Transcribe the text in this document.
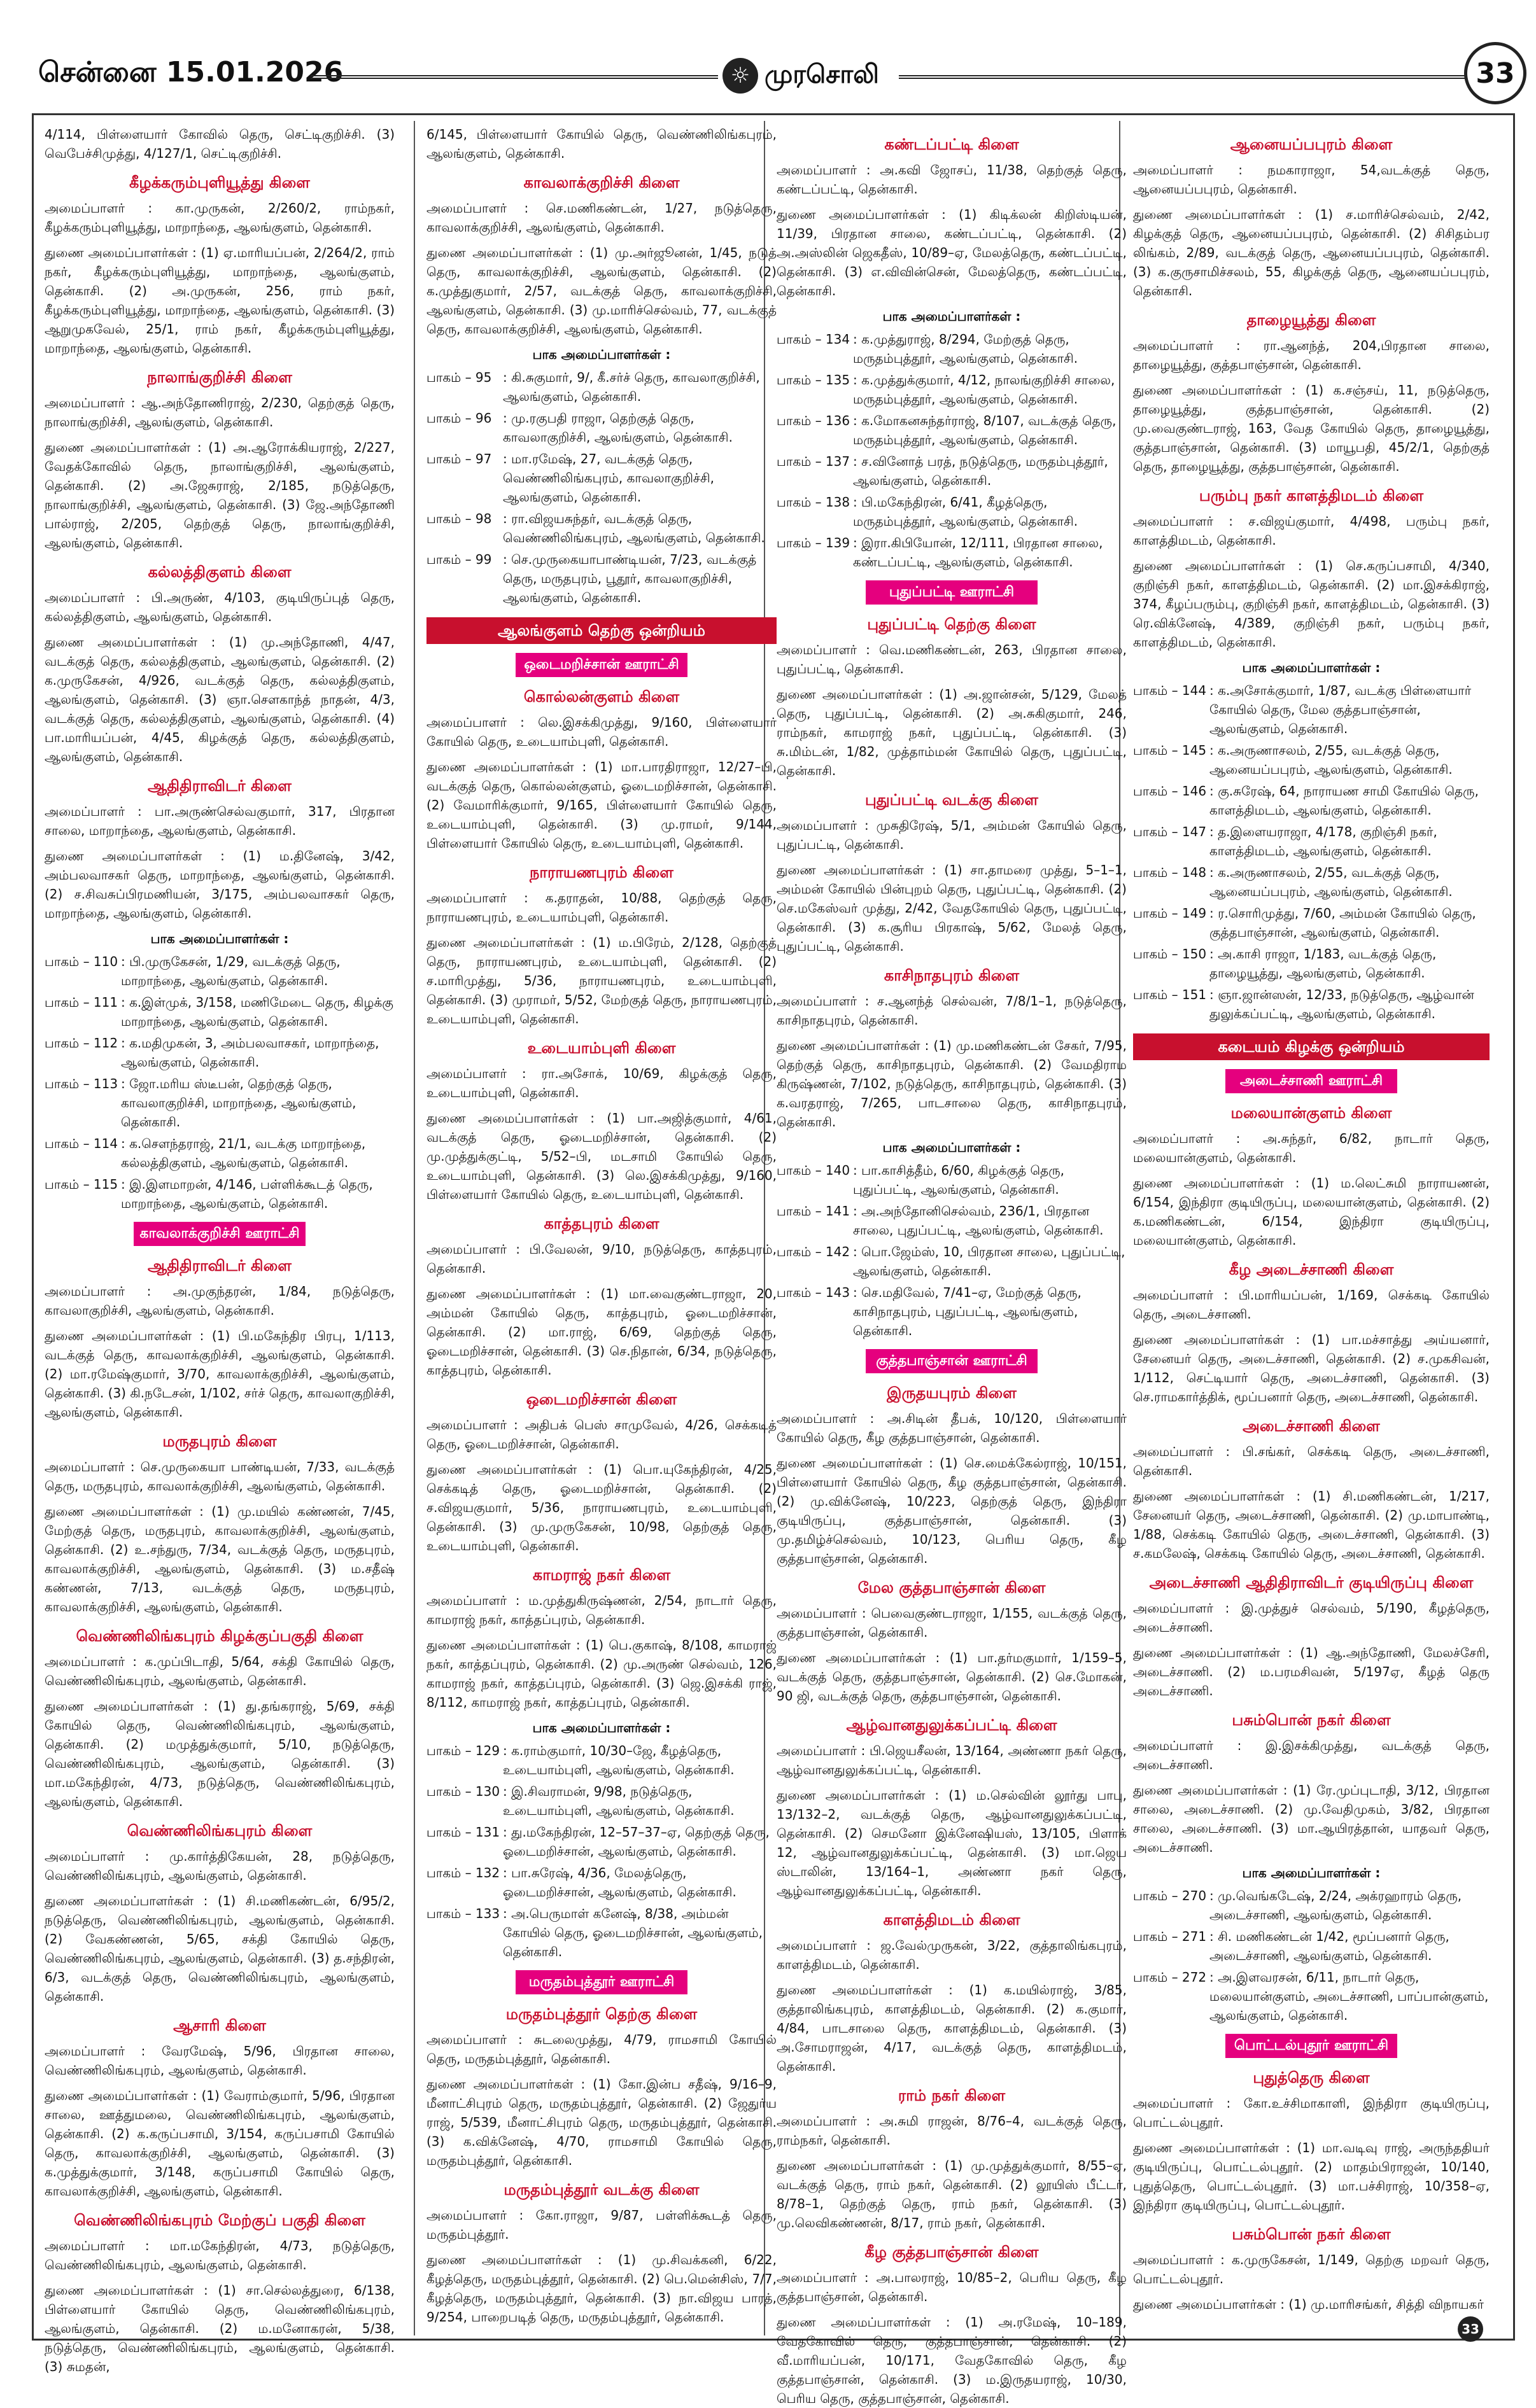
சென்னை 15.01.2026	☼ முரசொலி	33
4/114, பிள்ளையார் கோவில் தெரு, செட்டிகுறிச்சி. (3) வெபேச்சிமுத்து, 4/127/1, செட்டிகுறிச்சி.
கீழக்கரும்புளியூத்து கிளை
அமைப்பாளர் : கா.முருகன், 2/260/2, ராம்நகர், கீழக்கரும்புளியூத்து, மாறாந்தை, ஆலங்குளம், தென்காசி.
துணை அமைப்பாளர்கள் : (1) ஏ.மாரியப்பன், 2/264/2, ராம் நகர், கீழக்கரும்புளியூத்து, மாறாந்தை, ஆலங்குளம், தென்காசி. (2) அ.முருகன், 256, ராம் நகர், கீழக்கரும்புளியூத்து, மாறாந்தை, ஆலங்குளம், தென்காசி. (3) ஆறுமுகவேல், 25/1, ராம் நகர், கீழக்கரும்புளியூத்து, மாறாந்தை, ஆலங்குளம், தென்காசி.
நாலாங்குறிச்சி கிளை
அமைப்பாளர் : ஆ.அந்தோணிராஜ், 2/230, தெற்குத் தெரு, நாலாங்குறிச்சி, ஆலங்குளம், தென்காசி.
துணை அமைப்பாளர்கள் : (1) அ.ஆரோக்கியராஜ், 2/227, வேதக்கோவில் தெரு, நாலாங்குறிச்சி, ஆலங்குளம், தென்காசி. (2) அ.ஜேசுராஜ், 2/185, நடுத்தெரு, நாலாங்குறிச்சி, ஆலங்குளம், தென்காசி. (3) ஜே.அந்தோணி பால்ராஜ், 2/205, தெற்குத் தெரு, நாலாங்குறிச்சி, ஆலங்குளம், தென்காசி.
கல்லத்திகுளம் கிளை
அமைப்பாளர் : பி.அருண், 4/103, குடியிருப்புத் தெரு, கல்லத்திகுளம், ஆலங்குளம், தென்காசி.
துணை அமைப்பாளர்கள் : (1) மு.அந்தோணி, 4/47, வடக்குத் தெரு, கல்லத்திகுளம், ஆலங்குளம், தென்காசி. (2) க.முருகேசன், 4/926, வடக்குத் தெரு, கல்லத்திகுளம், ஆலங்குளம், தென்காசி. (3) ஞா.சௌகாந்த் நாதன், 4/3, வடக்குத் தெரு, கல்லத்திகுளம், ஆலங்குளம், தென்காசி. (4) பா.மாரியப்பன், 4/45, கிழக்குத் தெரு, கல்லத்திகுளம், ஆலங்குளம், தென்காசி.
ஆதிதிராவிடர் கிளை
அமைப்பாளர் : பா.அருண்செல்வகுமார், 317, பிரதான சாலை, மாறாந்தை, ஆலங்குளம், தென்காசி.
துணை அமைப்பாளர்கள் : (1) ம.தினேஷ், 3/42, அம்பலவாசகர் தெரு, மாறாந்தை, ஆலங்குளம், தென்காசி. (2) ச.சிவசுப்பிரமணியன், 3/175, அம்பலவாசகர் தெரு, மாறாந்தை, ஆலங்குளம், தென்காசி.
பாக அமைப்பாளர்கள் :
பாகம் – 110 : பி.முருகேசன், 1/29, வடக்குத் தெரு, மாறாந்தை, ஆலங்குளம், தென்காசி.
பாகம் – 111 : க.இள்முக், 3/158, மணிமேடை தெரு, கிழக்கு மாறாந்தை, ஆலங்குளம், தென்காசி.
பாகம் – 112 : க.மதிமுகன், 3, அம்பலவாசகர், மாறாந்தை, ஆலங்குளம், தென்காசி.
பாகம் – 113 : ஜோ.மரிய ஸ்டீபன், தெற்குத் தெரு, காவலாகுறிச்சி, மாறாந்தை, ஆலங்குளம், தென்காசி.
பாகம் – 114 : க.சௌந்தராஜ், 21/1, வடக்கு மாறாந்தை, கல்லத்திகுளம், ஆலங்குளம், தென்காசி.
பாகம் – 115 : இ.இளமாறன், 4/146, பள்ளிக்கூடத் தெரு, மாறாந்தை, ஆலங்குளம், தென்காசி.
காவலாக்குறிச்சி ஊராட்சி
ஆதிதிராவிடர் கிளை
அமைப்பாளர் : அ.முகுந்தரன், 1/84, நடுத்தெரு, காவலாகுறிச்சி, ஆலங்குளம், தென்காசி.
துணை அமைப்பாளர்கள் : (1) பி.மகேந்திர பிரபு, 1/113, வடக்குத் தெரு, காவலாக்குறிச்சி, ஆலங்குளம், தென்காசி. (2) மா.ரமேஷ்குமார், 3/70, காவலாக்குறிச்சி, ஆலங்குளம், தென்காசி. (3) கி.நடேசன், 1/102, சர்ச் தெரு, காவலாகுறிச்சி, ஆலங்குளம், தென்காசி.
மருதபுரம் கிளை
அமைப்பாளர் : செ.முருகையா பாண்டியன், 7/33, வடக்குத் தெரு, மருதபுரம், காவலாக்குறிச்சி, ஆலங்குளம், தென்காசி.
துணை அமைப்பாளர்கள் : (1) மு.மயில் கண்ணன், 7/45, மேற்குத் தெரு, மருதபுரம், காவலாக்குறிச்சி, ஆலங்குளம், தென்காசி. (2) உ.சந்துரு, 7/34, வடக்குத் தெரு, மருதபுரம், காவலாக்குறிச்சி, ஆலங்குளம், தென்காசி. (3) ம.சதீஷ் கண்ணன், 7/13, வடக்குத் தெரு, மருதபுரம், காவலாக்குறிச்சி, ஆலங்குளம், தென்காசி.
வெண்ணிலிங்கபுரம் கிழக்குப்பகுதி கிளை
அமைப்பாளர் : க.முப்பிடாதி, 5/64, சக்தி கோயில் தெரு, வெண்ணிலிங்கபுரம், ஆலங்குளம், தென்காசி.
துணை அமைப்பாளர்கள் : (1) து.தங்கராஜ், 5/69, சக்தி கோயில் தெரு, வெண்ணிலிங்கபுரம், ஆலங்குளம், தென்காசி. (2) மமுத்துக்குமார், 5/10, நடுத்தெரு, வெண்ணிலிங்கபுரம், ஆலங்குளம், தென்காசி. (3) மா.மகேந்திரன், 4/73, நடுத்தெரு, வெண்ணிலிங்கபுரம், ஆலங்குளம், தென்காசி.
வெண்ணிலிங்கபுரம் கிளை
அமைப்பாளர் : மு.கார்த்திகேயன், 28, நடுத்தெரு, வெண்ணிலிங்கபுரம், ஆலங்குளம், தென்காசி.
துணை அமைப்பாளர்கள் : (1) சி.மணிகண்டன், 6/95/2, நடுத்தெரு, வெண்ணிலிங்கபுரம், ஆலங்குளம், தென்காசி. (2) வேகண்ணன், 5/65, சக்தி கோயில் தெரு, வெண்ணிலிங்கபுரம், ஆலங்குளம், தென்காசி. (3) த.சந்திரன், 6/3, வடக்குத் தெரு, வெண்ணிலிங்கபுரம், ஆலங்குளம், தென்காசி.
ஆசாரி கிளை
அமைப்பாளர் : வேரமேஷ், 5/96, பிரதான சாலை, வெண்ணிலிங்கபுரம், ஆலங்குளம், தென்காசி.
துணை அமைப்பாளர்கள் : (1) வேராம்குமார், 5/96, பிரதான சாலை, ஊத்துமலை, வெண்ணிலிங்கபுரம், ஆலங்குளம், தென்காசி. (2) க.கருப்பசாமி, 3/154, கருப்பசாமி கோயில் தெரு, காவலாக்குறிச்சி, ஆலங்குளம், தென்காசி. (3) க.முத்துக்குமார், 3/148, கருப்பசாமி கோயில் தெரு, காவலாக்குறிச்சி, ஆலங்குளம், தென்காசி.
வெண்ணிலிங்கபுரம் மேற்குப் பகுதி கிளை
அமைப்பாளர் : மா.மகேந்திரன், 4/73, நடுத்தெரு, வெண்ணிலிங்கபுரம், ஆலங்குளம், தென்காசி.
துணை அமைப்பாளர்கள் : (1) சா.செல்லத்துரை, 6/138, பிள்ளையார் கோயில் தெரு, வெண்ணிலிங்கபுரம், ஆலங்குளம், தென்காசி. (2) ம.மனோகரன், 5/38, நடுத்தெரு, வெண்ணிலிங்கபுரம், ஆலங்குளம், தென்காசி. (3) சுமதன்,
6/145, பிள்ளையார் கோயில் தெரு, வெண்ணிலிங்கபுரம், ஆலங்குளம், தென்காசி.
காவலாக்குறிச்சி கிளை
அமைப்பாளர் : செ.மணிகண்டன், 1/27, நடுத்தெரு, காவலாக்குறிச்சி, ஆலங்குளம், தென்காசி.
துணை அமைப்பாளர்கள் : (1) மு.அர்ஜூனன், 1/45, நடுத் தெரு, காவலாக்குறிச்சி, ஆலங்குளம், தென்காசி. (2) க.முத்துகுமார், 2/57, வடக்குத் தெரு, காவலாக்குறிச்சி, ஆலங்குளம், தென்காசி. (3) மு.மாரிச்செல்வம், 77, வடக்குத் தெரு, காவலாக்குறிச்சி, ஆலங்குளம், தென்காசி.
பாக அமைப்பாளர்கள் :
பாகம் – 95 : கி.சுகுமார், 9/, கீ.சர்ச் தெரு, காவலாகுறிச்சி, ஆலங்குளம், தென்காசி.
பாகம் – 96 : மு.ரகுபதி ராஜா, தெற்குத் தெரு, காவலாகுறிச்சி, ஆலங்குளம், தென்காசி.
பாகம் – 97 : மா.ரமேஷ், 27, வடக்குத் தெரு, வெண்ணிலிங்கபுரம், காவலாகுறிச்சி, ஆலங்குளம், தென்காசி.
பாகம் – 98 : ரா.விஜயசுந்தர், வடக்குத் தெரு, வெண்ணிலிங்கபுரம், ஆலங்குளம், தென்காசி.
பாகம் – 99 : செ.முருகையாபாண்டியன், 7/23, வடக்குத் தெரு, மருதபுரம், பூதூர், காவலாகுறிச்சி, ஆலங்குளம், தென்காசி.
ஆலங்குளம் தெற்கு ஒன்றியம்
ஒடைமறிச்சான் ஊராட்சி
கொல்லன்குளம் கிளை
அமைப்பாளர் : லெ.இசக்கிமுத்து, 9/160, பிள்ளையார் கோயில் தெரு, உடையாம்புளி, தென்காசி.
துணை அமைப்பாளர்கள் : (1) மா.பாரதிராஜா, 12/27–பி, வடக்குத் தெரு, கொல்லன்குளம், ஓடைமறிச்சான், தென்காசி. (2) வேமாரிக்குமார், 9/165, பிள்ளையார் கோயில் தெரு, உடையாம்புளி, தென்காசி. (3) மு.ராமர், 9/144, பிள்ளையார் கோயில் தெரு, உடையாம்புளி, தென்காசி.
நாராயணபுரம் கிளை
அமைப்பாளர் : க.தராதன், 10/88, தெற்குத் தெரு, நாராயணபுரம், உடையாம்புளி, தென்காசி.
துணை அமைப்பாளர்கள் : (1) ம.பிரேம், 2/128, தெற்குத் தெரு, நாராயணபுரம், உடையாம்புளி, தென்காசி. (2) ச.மாரிமுத்து, 5/36, நாராயணபுரம், உடையாம்புளி, தென்காசி. (3) முராமர், 5/52, மேற்குத் தெரு, நாராயணபுரம், உடையாம்புளி, தென்காசி.
உடையாம்புளி கிளை
அமைப்பாளர் : ரா.அசோக், 10/69, கிழக்குத் தெரு, உடையாம்புளி, தென்காசி.
துணை அமைப்பாளர்கள் : (1) பா.அஜித்குமார், 4/61, வடக்குத் தெரு, ஓடைமறிச்சான், தென்காசி. (2) மு.முத்துக்குட்டி, 5/52–பி, மடசாமி கோயில் தெரு, உடையாம்புளி, தென்காசி. (3) லெ.இசக்கிமுத்து, 9/160, பிள்ளையார் கோயில் தெரு, உடையாம்புளி, தென்காசி.
காத்தபுரம் கிளை
அமைப்பாளர் : பி.வேலன், 9/10, நடுத்தெரு, காத்தபுரம், தென்காசி.
துணை அமைப்பாளர்கள் : (1) மா.வைகுண்டராஜா, 20, அம்மன் கோயில் தெரு, காத்தபுரம், ஓடைமறிச்சான், தென்காசி. (2) மா.ராஜ், 6/69, தெற்குத் தெரு, ஓடைமறிச்சான், தென்காசி. (3) செ.நிதான், 6/34, நடுத்தெரு, காத்தபுரம், தென்காசி.
ஒடைமறிச்சான் கிளை
அமைப்பாளர் : அதிபக் பெஸ் சாமுவேல், 4/26, செக்கடித் தெரு, ஓடைமறிச்சான், தென்காசி.
துணை அமைப்பாளர்கள் : (1) பொ.யுகேந்திரன், 4/25, செக்கடித் தெரு, ஓடைமறிச்சான், தென்காசி. (2) ச.விஜயகுமார், 5/36, நாராயணபுரம், உடையாம்புளி, தென்காசி. (3) மு.முருகேசன், 10/98, தெற்குத் தெரு, உடையாம்புளி, தென்காசி.
காமராஜ் நகர் கிளை
அமைப்பாளர் : ம.முத்துகிருஷ்ணன், 2/54, நாடார் தெரு, காமராஜ் நகர், காத்தப்புரம், தென்காசி.
துணை அமைப்பாளர்கள் : (1) பெ.குகாஷ், 8/108, காமராஜ் நகர், காத்தப்புரம், தென்காசி. (2) மு.அருண் செல்வம், 126, காமராஜ் நகர், காத்தப்புரம், தென்காசி. (3) ஜெ.இசக்கி ராஜ், 8/112, காமராஜ் நகர், காத்தப்புரம், தென்காசி.
பாக அமைப்பாளர்கள் :
பாகம் – 129 : க.ராம்குமார், 10/30–ஜே, கீழத்தெரு, உடையாம்புளி, ஆலங்குளம், தென்காசி.
பாகம் – 130 : இ.சிவராமன், 9/98, நடுத்தெரு, உடையாம்புளி, ஆலங்குளம், தென்காசி.
பாகம் – 131 : து.மகேந்திரன், 12–57–37–ஏ, தெற்குத் தெரு, ஓடைமறிச்சான், ஆலங்குளம், தென்காசி.
பாகம் – 132 : பா.சுரேஷ், 4/36, மேலத்தெரு, ஓடைமறிச்சான், ஆலங்குளம், தென்காசி.
பாகம் – 133 : அ.பெருமாள் கனேஷ், 8/38, அம்மன் கோயில் தெரு, ஓடைமறிச்சான், ஆலங்குளம், தென்காசி.
மருதம்புத்தூர் ஊராட்சி
மருதம்புத்தூர் தெற்கு கிளை
அமைப்பாளர் : சுடலைமுத்து, 4/79, ராமசாமி கோயில் தெரு, மருதம்புத்தூர், தென்காசி.
துணை அமைப்பாளர்கள் : (1) கோ.இன்ப சதீஷ், 9/16–9, மீனாட்சிபுரம் தெரு, மருதம்புத்தூர், தென்காசி. (2) ஜேதுர்ய ராஜ், 5/539, மீனாட்சிபுரம் தெரு, மருதம்புத்தூர், தென்காசி. (3) க.விக்னேஷ், 4/70, ராமசாமி கோயில் தெரு, மருதம்புத்தூர், தென்காசி.
மருதம்புத்தூர் வடக்கு கிளை
அமைப்பாளர் : கோ.ராஜா, 9/87, பள்ளிக்கூடத் தெரு, மருதம்புத்தூர்.
துணை அமைப்பாளர்கள் : (1) மு.சிவக்கனி, 6/22, கீழத்தெரு, மருதம்புத்தூர், தென்காசி. (2) பெ.மென்சிஸ், 7/7, கீழத்தெரு, மருதம்புத்தூர், தென்காசி. (3) நா.விஜய பாரத், 9/254, பாறைபடித் தெரு, மருதம்புத்தூர், தென்காசி.
கண்டப்பட்டி கிளை
அமைப்பாளர் : அ.கவி ஜோசப், 11/38, தெற்குத் தெரு, கண்டப்பட்டி, தென்காசி.
துணை அமைப்பாளர்கள் : (1) கிடிக்லன் கிறிஸ்டியன், 11/39, பிரதான சாலை, கண்டப்பட்டி, தென்காசி. (2) அ.அஸ்லின் ஜெகதீஸ், 10/89–ஏ, மேலத்தெரு, கண்டப்பட்டி, தென்காசி. (3) எ.விவின்சென், மேலத்தெரு, கண்டப்பட்டி, தென்காசி.
பாக அமைப்பாளர்கள் :
பாகம் – 134 : க.முத்துராஜ், 8/294, மேற்குத் தெரு, மருதம்புத்தூர், ஆலங்குளம், தென்காசி.
பாகம் – 135 : க.முத்துக்குமார், 4/12, நாலங்குறிச்சி சாலை, மருதம்புத்தூர், ஆலங்குளம், தென்காசி.
பாகம் – 136 : க.மோகனசுந்தர்ராஜ், 8/107, வடக்குத் தெரு, மருதம்புத்தூர், ஆலங்குளம், தென்காசி.
பாகம் – 137 : ச.வினோத் பரத், நடுத்தெரு, மருதம்புத்தூர், ஆலங்குளம், தென்காசி.
பாகம் – 138 : பி.மகேந்திரன், 6/41, கீழத்தெரு, மருதம்புத்தூர், ஆலங்குளம், தென்காசி.
பாகம் – 139 : இரா.கிபியோன், 12/111, பிரதான சாலை, கண்டப்பட்டி, ஆலங்குளம், தென்காசி.
புதுப்பட்டி ஊராட்சி
புதுப்பட்டி தெற்கு கிளை
அமைப்பாளர் : வெ.மணிகண்டன், 263, பிரதான சாலை, புதுப்பட்டி, தென்காசி.
துணை அமைப்பாளர்கள் : (1) அ.ஜான்சன், 5/129, மேலத் தெரு, புதுப்பட்டி, தென்காசி. (2) அ.சுகிகுமார், 246, ராம்நகர், காமராஜ் நகர், புதுப்பட்டி, தென்காசி. (3) சு.மிம்டன், 1/82, முத்தாம்மன் கோயில் தெரு, புதுப்பட்டி, தென்காசி.
புதுப்பட்டி வடக்கு கிளை
அமைப்பாளர் : முசுதிரேஷ், 5/1, அம்மன் கோயில் தெரு, புதுப்பட்டி, தென்காசி.
துணை அமைப்பாளர்கள் : (1) சா.தாமரை முத்து, 5–1–1, அம்மன் கோயில் பின்புறம் தெரு, புதுப்பட்டி, தென்காசி. (2) செ.மகேஸ்வர் முத்து, 2/42, வேதகோயில் தெரு, புதுப்பட்டி, தென்காசி. (3) க.சூரிய பிரகாஷ், 5/62, மேலத் தெரு, புதுப்பட்டி, தென்காசி.
காசிநாதபுரம் கிளை
அமைப்பாளர் : ச.ஆனந்த் செல்வன், 7/8/1–1, நடுத்தெரு, காசிநாதபுரம், தென்காசி.
துணை அமைப்பாளர்கள் : (1) மு.மணிகண்டன் சேகர், 7/95, தெற்குத் தெரு, காசிநாதபுரம், தென்காசி. (2) வேமதிராம கிருஷ்ணன், 7/102, நடுத்தெரு, காசிநாதபுரம், தென்காசி. (3) க.வரதராஜ், 7/265, பாடசாலை தெரு, காசிநாதபுரம், தென்காசி.
பாக அமைப்பாளர்கள் :
பாகம் – 140 : பா.காசித்தீம், 6/60, கிழக்குத் தெரு, புதுப்பட்டி, ஆலங்குளம், தென்காசி.
பாகம் – 141 : அ.அந்தோனிசெல்வம், 236/1, பிரதான சாலை, புதுப்பட்டி, ஆலங்குளம், தென்காசி.
பாகம் – 142 : பொ.ஜேம்ஸ், 10, பிரதான சாலை, புதுப்பட்டி, ஆலங்குளம், தென்காசி.
பாகம் – 143 : செ.மதிவேல், 7/41–ஏ, மேற்குத் தெரு, காசிநாதபுரம், புதுப்பட்டி, ஆலங்குளம், தென்காசி.
குத்தபாஞ்சான் ஊராட்சி
இருதயபுரம் கிளை
அமைப்பாளர் : அ.சிடின் தீபக், 10/120, பிள்ளையார் கோயில் தெரு, கீழ குத்தபாஞ்சான், தென்காசி.
துணை அமைப்பாளர்கள் : (1) செ.மைக்கேல்ராஜ், 10/151, பிள்ளையார் கோயில் தெரு, கீழ குத்தபாஞ்சான், தென்காசி. (2) மு.விக்னேஷ், 10/223, தெற்குத் தெரு, இந்திரா குடியிருப்பு, குத்தபாஞ்சான், தென்காசி. (3) மு.தமிழ்ச்செல்வம், 10/123, பெரிய தெரு, கீழ குத்தபாஞ்சான், தென்காசி.
மேல குத்தபாஞ்சான் கிளை
அமைப்பாளர் : பெவைகுண்டராஜா, 1/155, வடக்குத் தெரு, குத்தபாஞ்சான், தென்காசி.
துணை அமைப்பாளர்கள் : (1) பா.தர்மகுமார், 1/159–5, வடக்குத் தெரு, குத்தபாஞ்சான், தென்காசி. (2) செ.மோகன், 90 ஜி, வடக்குத் தெரு, குத்தபாஞ்சான், தென்காசி.
ஆழ்வானதுலுக்கப்பட்டி கிளை
அமைப்பாளர் : பி.ஜெயசீலன், 13/164, அண்ணா நகர் தெரு, ஆழ்வானதுலுக்கப்பட்டி, தென்காசி.
துணை அமைப்பாளர்கள் : (1) ம.செல்வின் லூர்து பாபு, 13/132–2, வடக்குத் தெரு, ஆழ்வானதுலுக்கப்பட்டி, தென்காசி. (2) செமனோ இக்னேஷியஸ், 13/105, பிளாக் 12, ஆழ்வானதுலுக்கப்பட்டி, தென்காசி. (3) மா.ஜெய ஸ்டாலின், 13/164–1, அண்ணா நகர் தெரு, ஆழ்வானதுலுக்கப்பட்டி, தென்காசி.
காளத்திமடம் கிளை
அமைப்பாளர் : ஜ.வேல்முருகன், 3/22, குத்தாலிங்கபுரம், காளத்திமடம், தென்காசி.
துணை அமைப்பாளர்கள் : (1) க.மயில்ராஜ், 3/85, குத்தாலிங்கபுரம், காளத்திமடம், தென்காசி. (2) க.குமார், 4/84, பாடசாலை தெரு, காளத்திமடம், தென்காசி. (3) அ.சோமராஜன், 4/17, வடக்குத் தெரு, காளத்திமடம், தென்காசி.
ராம் நகர் கிளை
அமைப்பாளர் : அ.சுமி ராஜன், 8/76–4, வடக்குத் தெரு, ராம்நகர், தென்காசி.
துணை அமைப்பாளர்கள் : (1) மு.முத்துக்குமார், 8/55–ஏ, வடக்குத் தெரு, ராம் நகர், தென்காசி. (2) லூயிஸ் பீட்டர், 8/78–1, தெற்குத் தெரு, ராம் நகர், தென்காசி. (3) மு.லெவிகண்ணன், 8/17, ராம் நகர், தென்காசி.
கீழ குத்தபாஞ்சான் கிளை
அமைப்பாளர் : அ.பாலராஜ், 10/85–2, பெரிய தெரு, கீழ குத்தபாஞ்சான், தென்காசி.
துணை அமைப்பாளர்கள் : (1) அ.ரமேஷ், 10–189, வேதகோவில் தெரு, குத்தபாஞ்சான், தென்காசி. (2) வீ.மாரியப்பன், 10/171, வேதகோவில் தெரு, கீழ குத்தபாஞ்சான், தென்காசி. (3) ம.இருதயராஜ், 10/30, பெரிய தெரு, குத்தபாஞ்சான், தென்காசி.
ஆனையப்பபுரம் கிளை
அமைப்பாளர் : நமகாராஜா, 54,வடக்குத் தெரு, ஆனையப்பபுரம், தென்காசி.
துணை அமைப்பாளர்கள் : (1) ச.மாரிச்செல்வம், 2/42, கிழக்குத் தெரு, ஆனையப்பபுரம், தென்காசி. (2) சிசிதம்பர லிங்கம், 2/89, வடக்குத் தெரு, ஆனையப்பபுரம், தென்காசி. (3) க.குருசாமிச்சலம், 55, கிழக்குத் தெரு, ஆனையப்பபுரம், தென்காசி.
தாழையூத்து கிளை
அமைப்பாளர் : ரா.ஆனந்த், 204,பிரதான சாலை, தாழையூத்து, குத்தபாஞ்சான், தென்காசி.
துணை அமைப்பாளர்கள் : (1) க.சஞ்சய், 11, நடுத்தெரு, தாழையூத்து, குத்தபாஞ்சான், தென்காசி. (2) மு.வைகுண்டராஜ், 163, வேத கோயில் தெரு, தாழையூத்து, குத்தபாஞ்சான், தென்காசி. (3) மாயூபதி, 45/2/1, தெற்குத் தெரு, தாழையூத்து, குத்தபாஞ்சான், தென்காசி.
பரும்பு நகர் காளத்திமடம் கிளை
அமைப்பாளர் : ச.விஜய்குமார், 4/498, பரும்பு நகர், காளத்திமடம், தென்காசி.
துணை அமைப்பாளர்கள் : (1) செ.கருப்பசாமி, 4/340, குறிஞ்சி நகர், காளத்திமடம், தென்காசி. (2) மா.இசக்கிராஜ், 374, கீழப்பரும்பு, குறிஞ்சி நகர், காளத்திமடம், தென்காசி. (3) ரெ.விக்னேஷ், 4/389, குறிஞ்சி நகர், பரும்பு நகர், காளத்திமடம், தென்காசி.
பாக அமைப்பாளர்கள் :
பாகம் – 144 : க.அசோக்குமார், 1/87, வடக்கு பிள்ளையார் கோயில் தெரு, மேல குத்தபாஞ்சான், ஆலங்குளம், தென்காசி.
பாகம் – 145 : க.அருணாசலம், 2/55, வடக்குத் தெரு, ஆனையப்பபுரம், ஆலங்குளம், தென்காசி.
பாகம் – 146 : கு.சுரேஷ், 64, நாராயண சாமி கோயில் தெரு, காளத்திமடம், ஆலங்குளம், தென்காசி.
பாகம் – 147 : த.இளையராஜா, 4/178, குறிஞ்சி நகர், காளத்திமடம், ஆலங்குளம், தென்காசி.
பாகம் – 148 : க.அருணாசலம், 2/55, வடக்குத் தெரு, ஆனையப்பபுரம், ஆலங்குளம், தென்காசி.
பாகம் – 149 : ர.சொரிமுத்து, 7/60, அம்மன் கோயில் தெரு, குத்தபாஞ்சான், ஆலங்குளம், தென்காசி.
பாகம் – 150 : அ.காசி ராஜா, 1/183, வடக்குத் தெரு, தாழையூத்து, ஆலங்குளம், தென்காசி.
பாகம் – 151 : ஞா.ஜான்ஸன், 12/33, நடுத்தெரு, ஆழ்வான் துலுக்கப்பட்டி, ஆலங்குளம், தென்காசி.
கடையம் கிழக்கு ஒன்றியம்
அடைச்சாணி ஊராட்சி
மலையான்குளம் கிளை
அமைப்பாளர் : அ.சுந்தர், 6/82, நாடார் தெரு, மலையான்குளம், தென்காசி.
துணை அமைப்பாளர்கள் : (1) ம.லெட்சுமி நாராயணன், 6/154, இந்திரா குடியிருப்பு, மலையான்குளம், தென்காசி. (2) க.மணிகண்டன், 6/154, இந்திரா குடியிருப்பு, மலையான்குளம், தென்காசி.
கீழ அடைச்சாணி கிளை
அமைப்பாளர் : பி.மாரியப்பன், 1/169, செக்கடி கோயில் தெரு, அடைச்சாணி.
துணை அமைப்பாளர்கள் : (1) பா.மச்சாத்து அய்யனார், சேனையர் தெரு, அடைச்சாணி, தென்காசி. (2) ச.முகசிவன், 1/112, செட்டியார் தெரு, அடைச்சாணி, தென்காசி. (3) செ.ராமகார்த்திக், மூப்பனார் தெரு, அடைச்சாணி, தென்காசி.
அடைச்சாணி கிளை
அமைப்பாளர் : பி.சங்கர், செக்கடி தெரு, அடைச்சாணி, தென்காசி.
துணை அமைப்பாளர்கள் : (1) சி.மணிகண்டன், 1/217, சேனையர் தெரு, அடைச்சாணி, தென்காசி. (2) மு.மாபாண்டி, 1/88, செக்கடி கோயில் தெரு, அடைச்சாணி, தென்காசி. (3) ச.கமலேஷ், செக்கடி கோயில் தெரு, அடைச்சாணி, தென்காசி.
அடைச்சாணி ஆதிதிராவிடர் குடியிருப்பு கிளை
அமைப்பாளர் : இ.முத்துச் செல்வம், 5/190, கீழத்தெரு, அடைச்சாணி.
துணை அமைப்பாளர்கள் : (1) ஆ.அந்தோணி, மேலச்சேரி, அடைச்சாணி. (2) ம.பரமசிவன், 5/197ஏ, கீழத் தெரு அடைச்சாணி.
பசும்பொன் நகர் கிளை
அமைப்பாளர் : இ.இசக்கிமுத்து, வடக்குத் தெரு, அடைச்சாணி.
துணை அமைப்பாளர்கள் : (1) ரே.முப்புடாதி, 3/12, பிரதான சாலை, அடைச்சாணி. (2) மு.வேதிமுகம், 3/82, பிரதான சாலை, அடைச்சாணி. (3) மா.ஆயிரத்தான், யாதவர் தெரு, அடைச்சாணி.
பாக அமைப்பாளர்கள் :
பாகம் – 270 : மு.வெங்கடேஷ், 2/24, அக்ரஹாரம் தெரு, அடைச்சாணி, ஆலங்குளம், தென்காசி.
பாகம் – 271 : சி. மணிகண்டன் 1/42, மூப்பனார் தெரு, அடைச்சாணி, ஆலங்குளம், தென்காசி.
பாகம் – 272 : அ.இளவரசன், 6/11, நாடார் தெரு, மலையான்குளம், அடைச்சாணி, பாப்பான்குளம், ஆலங்குளம், தென்காசி.
பொட்டல்புதூர் ஊராட்சி
புதுத்தெரு கிளை
அமைப்பாளர் : கோ.உச்சிமாகாளி, இந்திரா குடியிருப்பு, பொட்டல்புதூர்.
துணை அமைப்பாளர்கள் : (1) மா.வடிவு ராஜ், அருந்ததியர் குடியிருப்பு, பொட்டல்புதூர். (2) மாதம்பிராஜன், 10/140, புதுத்தெரு, பொட்டல்புதூர். (3) மா.பச்சிராஜ், 10/358–ஏ, இந்திரா குடியிருப்பு, பொட்டல்புதூர்.
பசும்பொன் நகர் கிளை
அமைப்பாளர் : க.முருகேசன், 1/149, தெற்கு மறவர் தெரு, பொட்டல்புதூர்.
துணை அமைப்பாளர்கள் : (1) மு.மாரிசங்கர், சித்தி விநாயகர்
33
